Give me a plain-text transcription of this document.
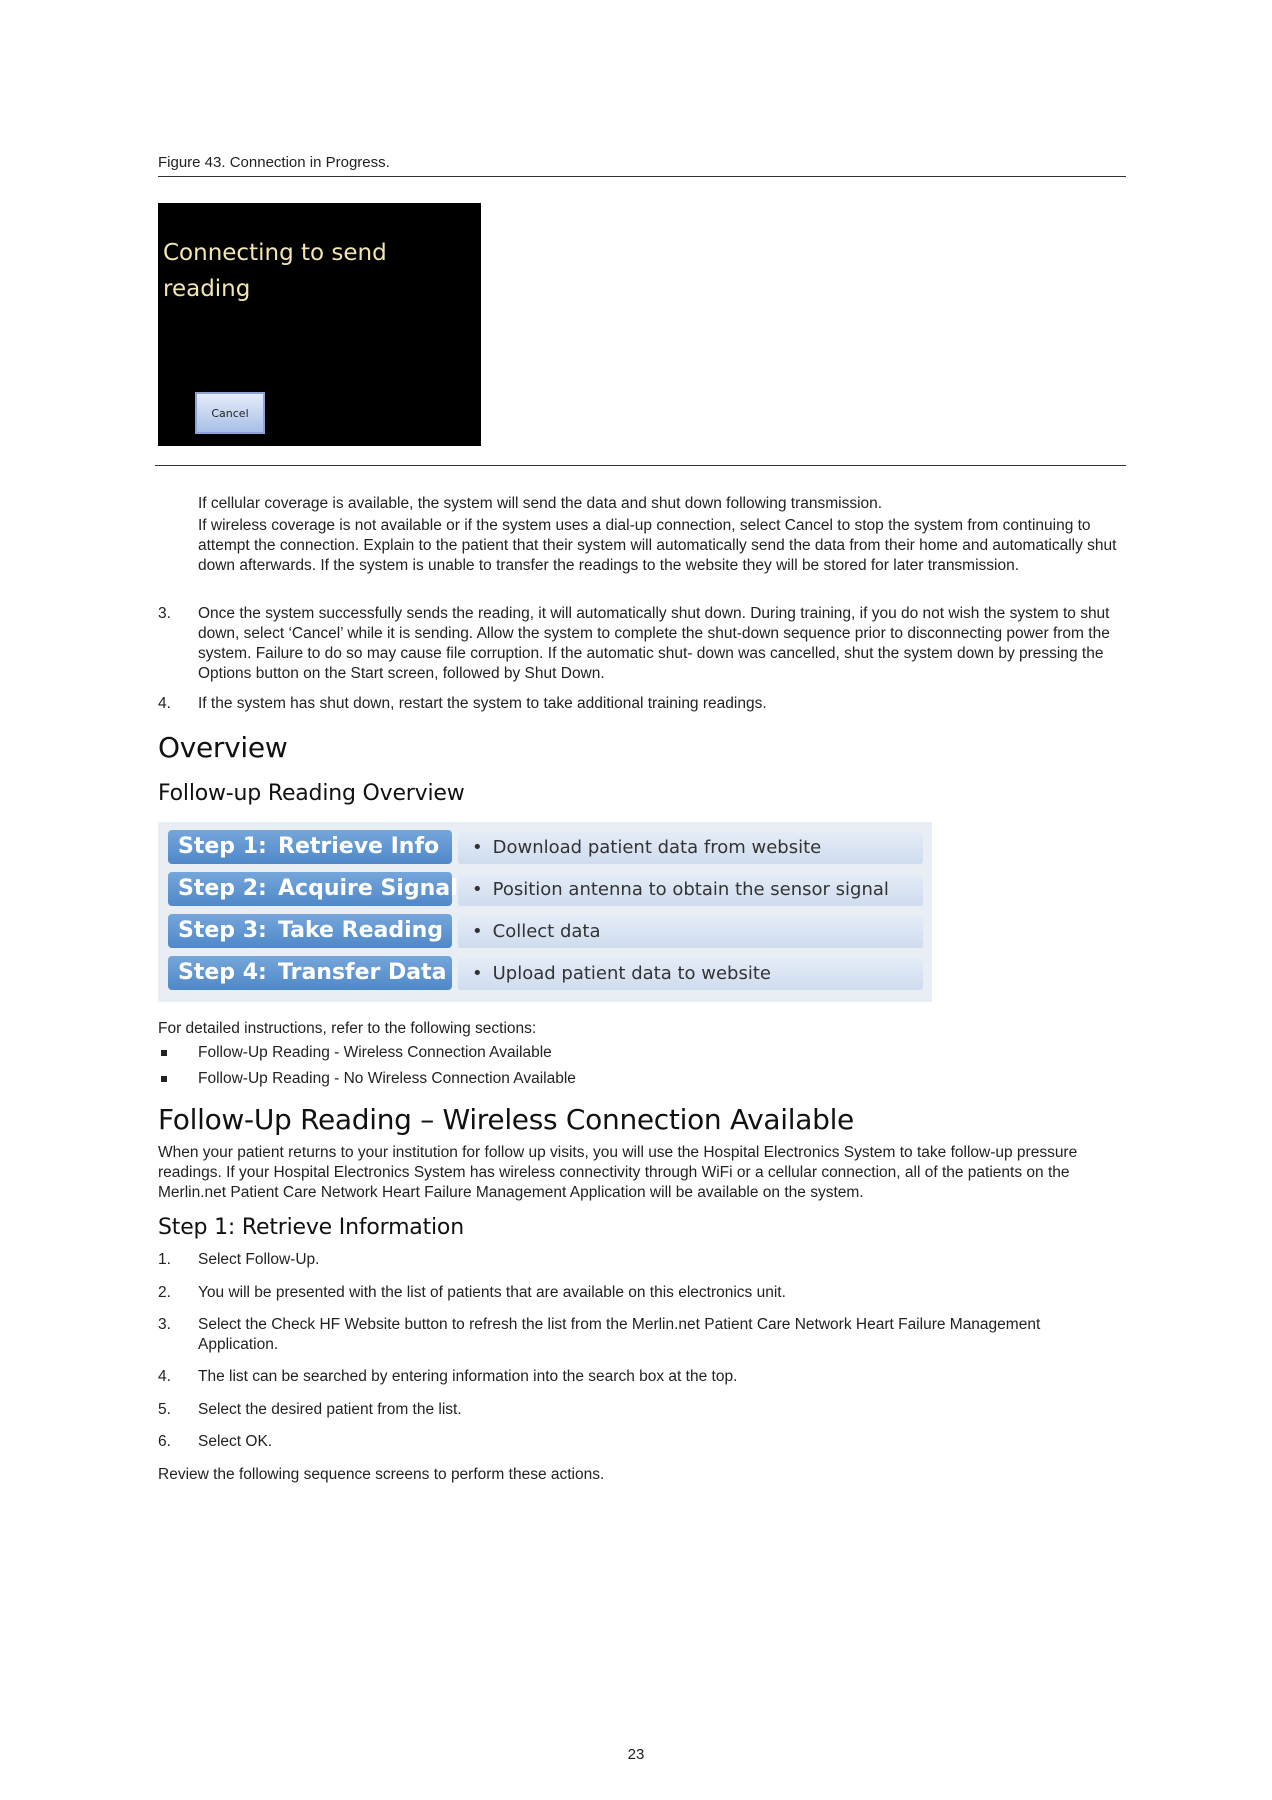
Figure 43. Connection in Progress.
Connecting to send
reading
Cancel

If cellular coverage is available, the system will send the data and shut down following transmission.

If wireless coverage is not available or if the system uses a dial-up connection, select Cancel to stop the system from continuing to attempt the connection. Explain to the patient that their system will automatically send the data from their home and automatically shut down afterwards. If the system is unable to transfer the readings to the website they will be stored for later transmission.

3.	Once the system successfully sends the reading, it will automatically shut down. During training, if you do not wish the system to shut down, select ‘Cancel’ while it is sending. Allow the system to complete the shut-down sequence prior to disconnecting power from the system. Failure to do so may cause file corruption. If the automatic shut- down was cancelled, shut the system down by pressing the Options button on the Start screen, followed by Shut Down.
4.	If the system has shut down, restart the system to take additional training readings.
Overview
Follow-up Reading Overview
Step 1: Retrieve Info	• Download patient data from website
Step 2: Acquire Signal • Position antenna to obtain the sensor signal
Step 3: Take Reading	• Collect data
Step 4: Transfer Data	• Upload patient data to website

For detailed instructions, refer to the following sections:

Follow-Up Reading - Wireless Connection Available
Follow-Up Reading - No Wireless Connection Available
Follow-Up Reading – Wireless Connection Available

When your patient returns to your institution for follow up visits, you will use the Hospital Electronics System to take follow-up pressure readings. If your Hospital Electronics System has wireless connectivity through WiFi or a cellular connection, all of the patients on the Merlin.net Patient Care Network Heart Failure Management Application will be available on the system.

Step 1: Retrieve Information
1.	Select Follow-Up.
2.	You will be presented with the list of patients that are available on this electronics unit.
3.	Select the Check HF Website button to refresh the list from the Merlin.net Patient Care Network Heart Failure Management Application.
4.	The list can be searched by entering information into the search box at the top.
5.	Select the desired patient from the list.
6.	Select OK.

Review the following sequence screens to perform these actions.

23
